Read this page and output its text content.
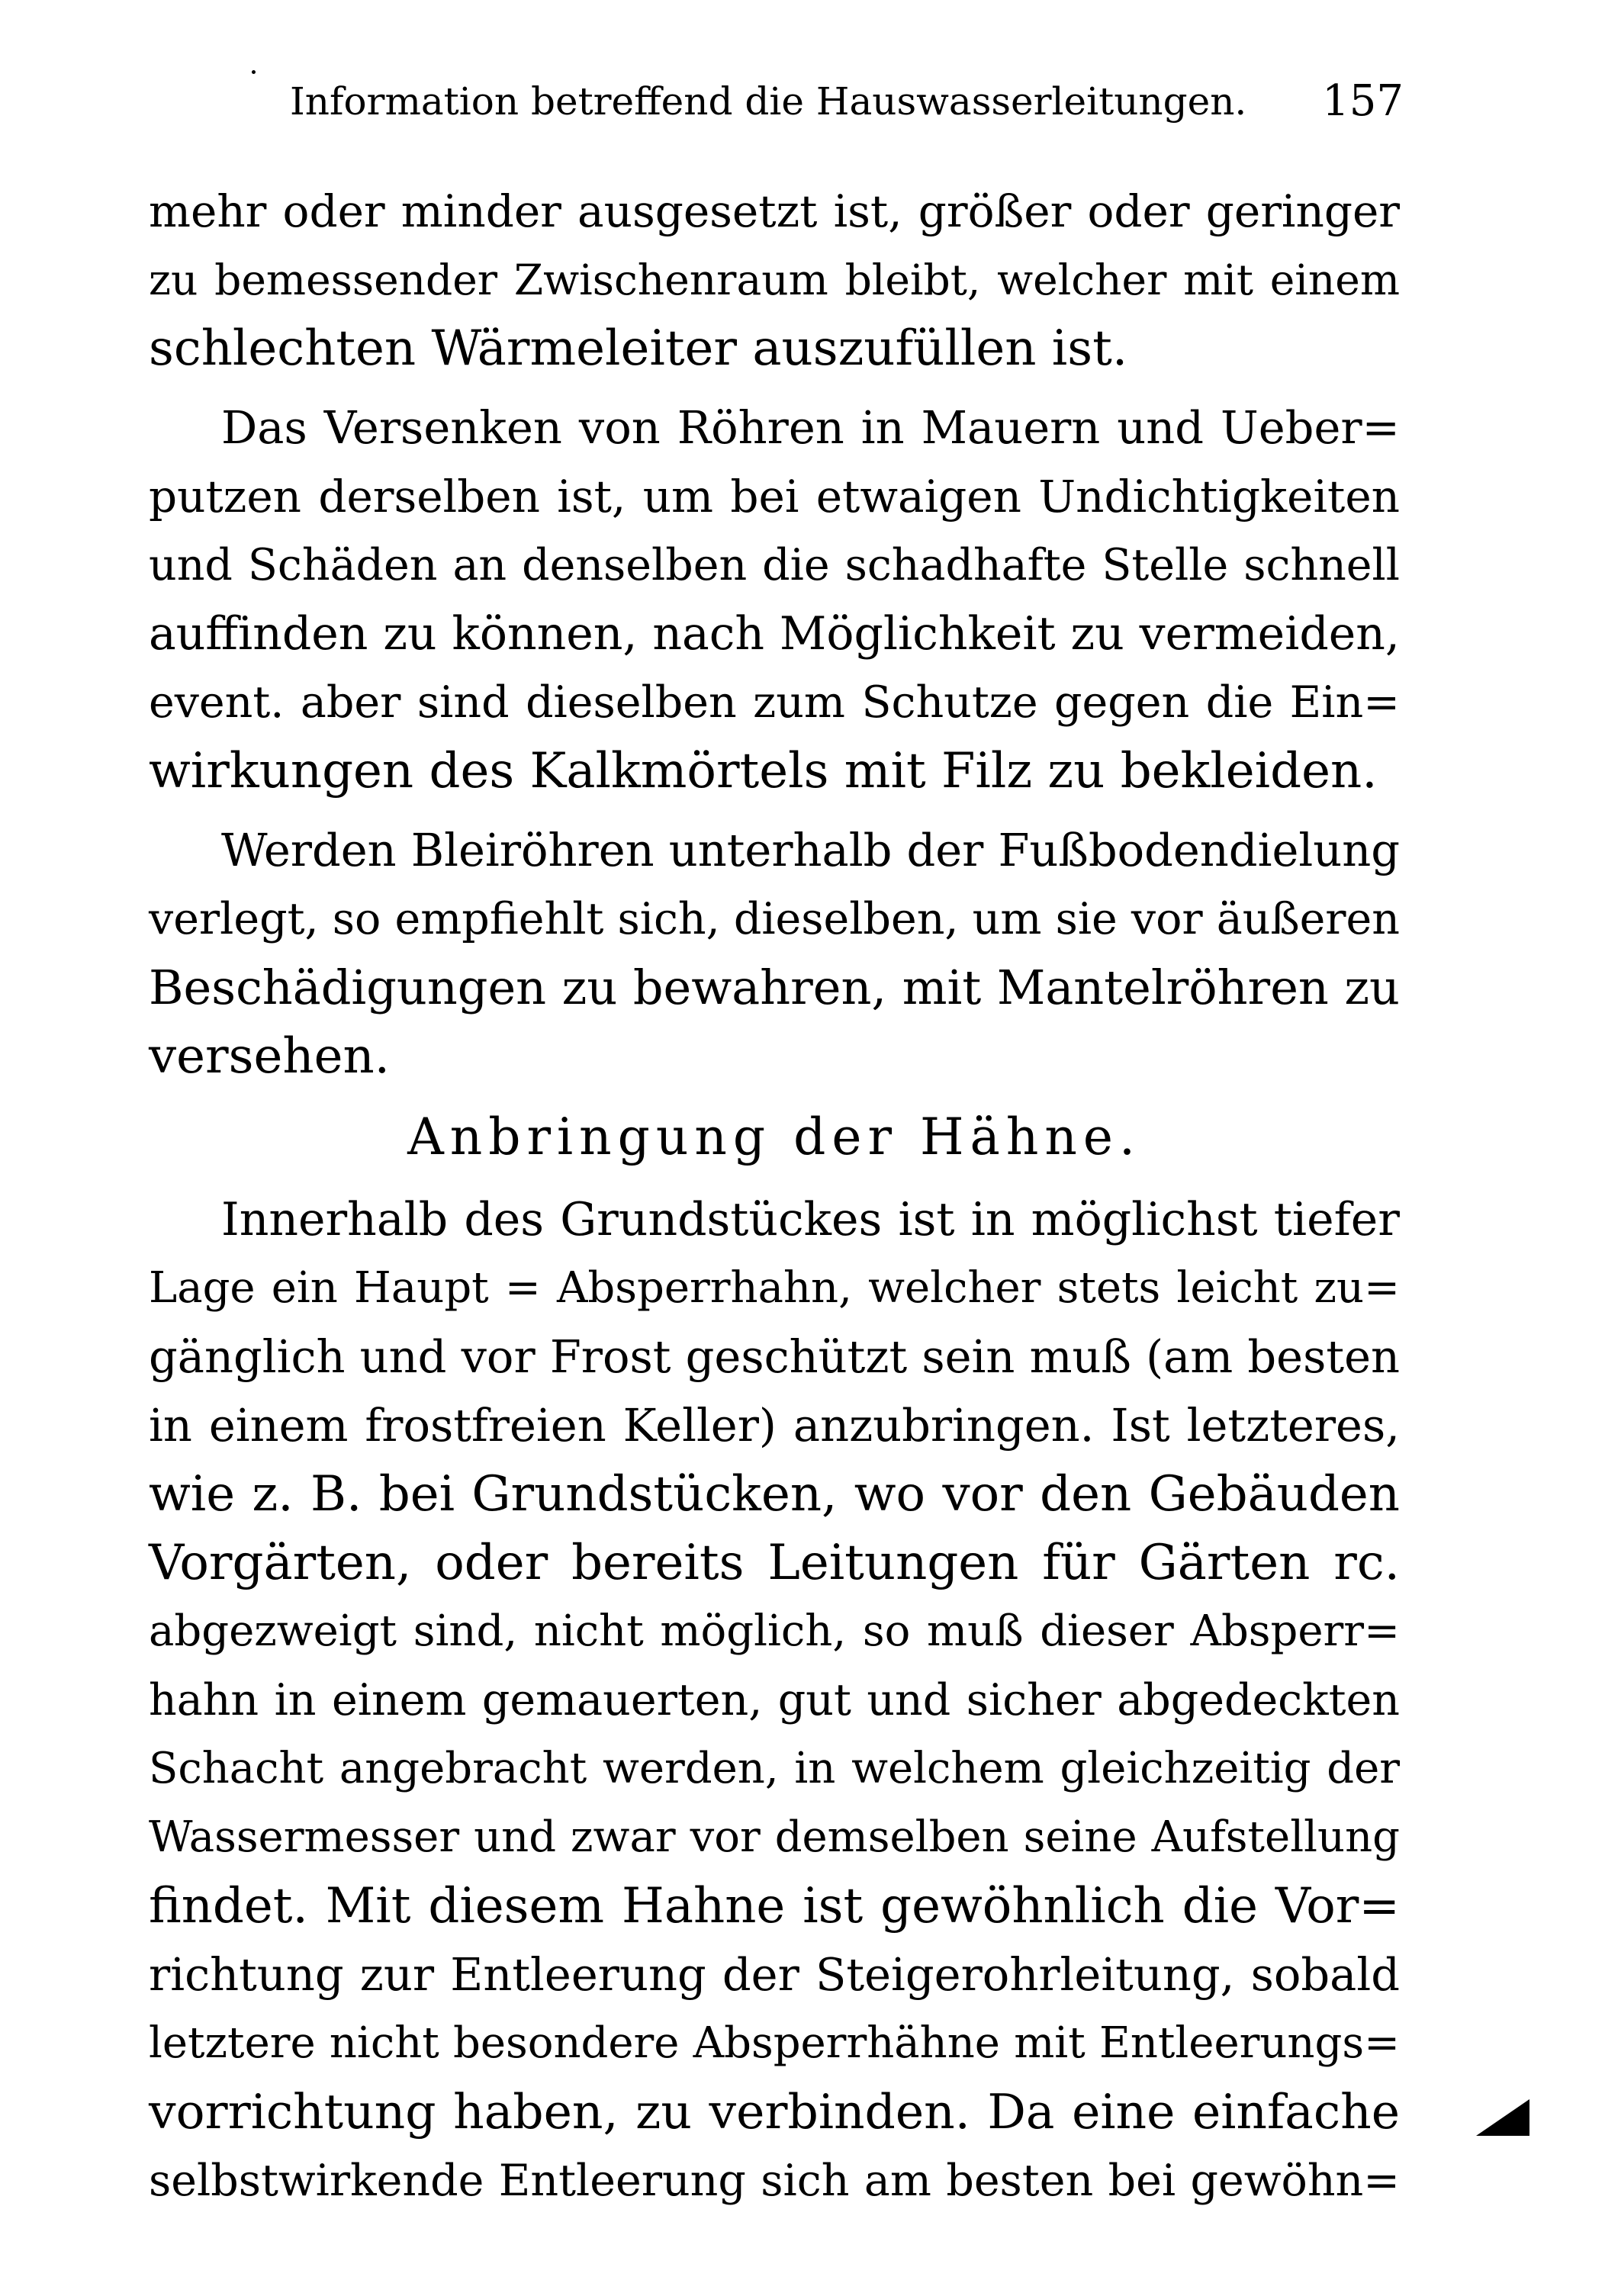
Information betreffend die Hauswasserleitungen. 157
mehr oder minder ausgesetzt ist, größer oder geringer
zu bemessender Zwischenraum bleibt, welcher mit einem
schlechten Wärmeleiter auszufüllen ist.
Das Versenken von Röhren in Mauern und Ueber=
putzen derselben ist, um bei etwaigen Undichtigkeiten
und Schäden an denselben die schadhafte Stelle schnell
auffinden zu können, nach Möglichkeit zu vermeiden,
event. aber sind dieselben zum Schutze gegen die Ein=
wirkungen des Kalkmörtels mit Filz zu bekleiden.
Werden Bleiröhren unterhalb der Fußbodendielung
verlegt, so empfiehlt sich, dieselben, um sie vor äußeren
Beschädigungen zu bewahren, mit Mantelröhren zu
versehen.
Anbringung der Hähne.
Innerhalb des Grundstückes ist in möglichst tiefer
Lage ein Haupt = Absperrhahn, welcher stets leicht zu=
gänglich und vor Frost geschützt sein muß (am besten
in einem frostfreien Keller) anzubringen. Ist letzteres,
wie z. B. bei Grundstücken, wo vor den Gebäuden
Vorgärten, oder bereits Leitungen für Gärten rc.
abgezweigt sind, nicht möglich, so muß dieser Absperr=
hahn in einem gemauerten, gut und sicher abgedeckten
Schacht angebracht werden, in welchem gleichzeitig der
Wassermesser und zwar vor demselben seine Aufstellung
findet. Mit diesem Hahne ist gewöhnlich die Vor=
richtung zur Entleerung der Steigerohrleitung, sobald
letztere nicht besondere Absperrhähne mit Entleerungs=
vorrichtung haben, zu verbinden. Da eine einfache
selbstwirkende Entleerung sich am besten bei gewöhn=
